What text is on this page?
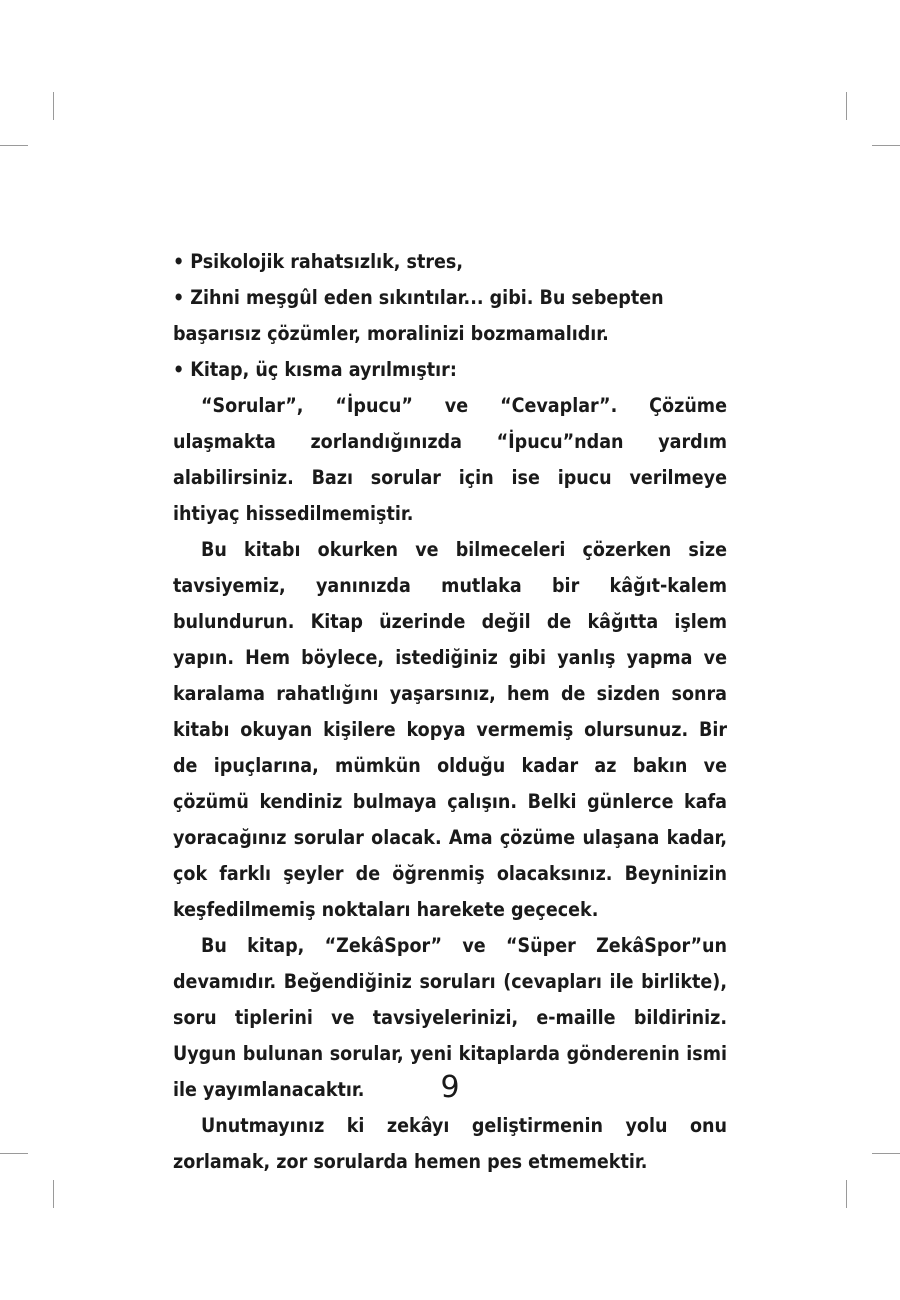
• Psikolojik rahatsızlık, stres,

• Zihni meşgûl eden sıkıntılar... gibi. Bu sebepten başarısız çözümler, moralinizi bozmamalıdır.

• Kitap, üç kısma ayrılmıştır:

“Sorular”, “İpucu” ve “Cevaplar”. Çözüme ulaşmakta zorlandığınızda “İpucu”ndan yardım alabilirsiniz. Bazı sorular için ise ipucu verilmeye ihtiyaç hissedilmemiştir.

Bu kitabı okurken ve bilmeceleri çözerken size tavsiyemiz, yanınızda mutlaka bir kâğıt-kalem bulundurun. Kitap üzerinde değil de kâğıtta işlem yapın. Hem böylece, istediğiniz gibi yanlış yapma ve karalama rahatlığını yaşarsınız, hem de sizden sonra kitabı okuyan kişilere kopya vermemiş olursunuz. Bir de ipuçlarına, mümkün olduğu kadar az bakın ve çözümü kendiniz bulmaya çalışın. Belki günlerce kafa yoracağınız sorular olacak. Ama çözüme ulaşana kadar, çok farklı şeyler de öğrenmiş olacaksınız. Beyninizin keşfedilmemiş noktaları harekete geçecek.

Bu kitap, “ZekâSpor” ve “Süper ZekâSpor”un devamıdır. Beğendiğiniz soruları (cevapları ile birlikte), soru tiplerini ve tavsiyelerinizi, e-maille bildiriniz. Uygun bulunan sorular, yeni kitaplarda gönderenin ismi ile yayımlanacaktır.

Unutmayınız ki zekâyı geliştirmenin yolu onu zorlamak, zor sorularda hemen pes etmemektir.

9
